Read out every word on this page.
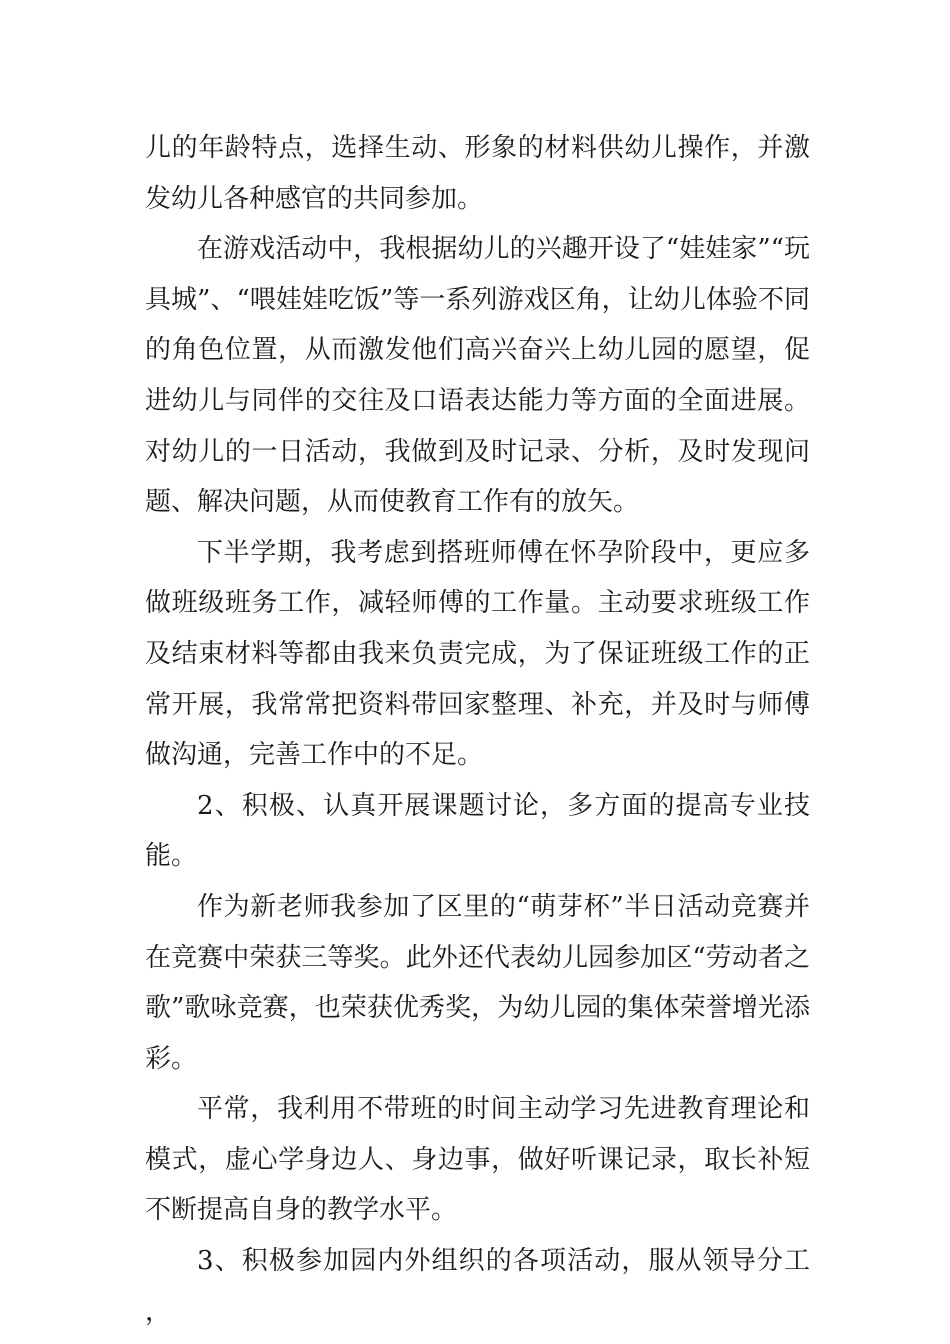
儿的年龄特点，选择生动、形象的材料供幼儿操作，并激发幼儿各种感官的共同参加。

在游戏活动中，我根据幼儿的兴趣开设了“娃娃家”“玩具城”、“喂娃娃吃饭”等一系列游戏区角，让幼儿体验不同的角色位置，从而激发他们高兴奋兴上幼儿园的愿望，促进幼儿与同伴的交往及口语表达能力等方面的全面进展。对幼儿的一日活动，我做到及时记录、分析，及时发现问题、解决问题，从而使教育工作有的放矢。

下半学期，我考虑到搭班师傅在怀孕阶段中，更应多做班级班务工作，减轻师傅的工作量。主动要求班级工作及结束材料等都由我来负责完成，为了保证班级工作的正常开展，我常常把资料带回家整理、补充，并及时与师傅做沟通，完善工作中的不足。

2、积极、认真开展课题讨论，多方面的提高专业技能。

作为新老师我参加了区里的“萌芽杯”半日活动竞赛并在竞赛中荣获三等奖。此外还代表幼儿园参加区“劳动者之歌”歌咏竞赛，也荣获优秀奖，为幼儿园的集体荣誉增光添彩。

平常，我利用不带班的时间主动学习先进教育理论和模式，虚心学身边人、身边事，做好听课记录，取长补短不断提高自身的教学水平。

3、积极参加园内外组织的各项活动，服从领导分工，
